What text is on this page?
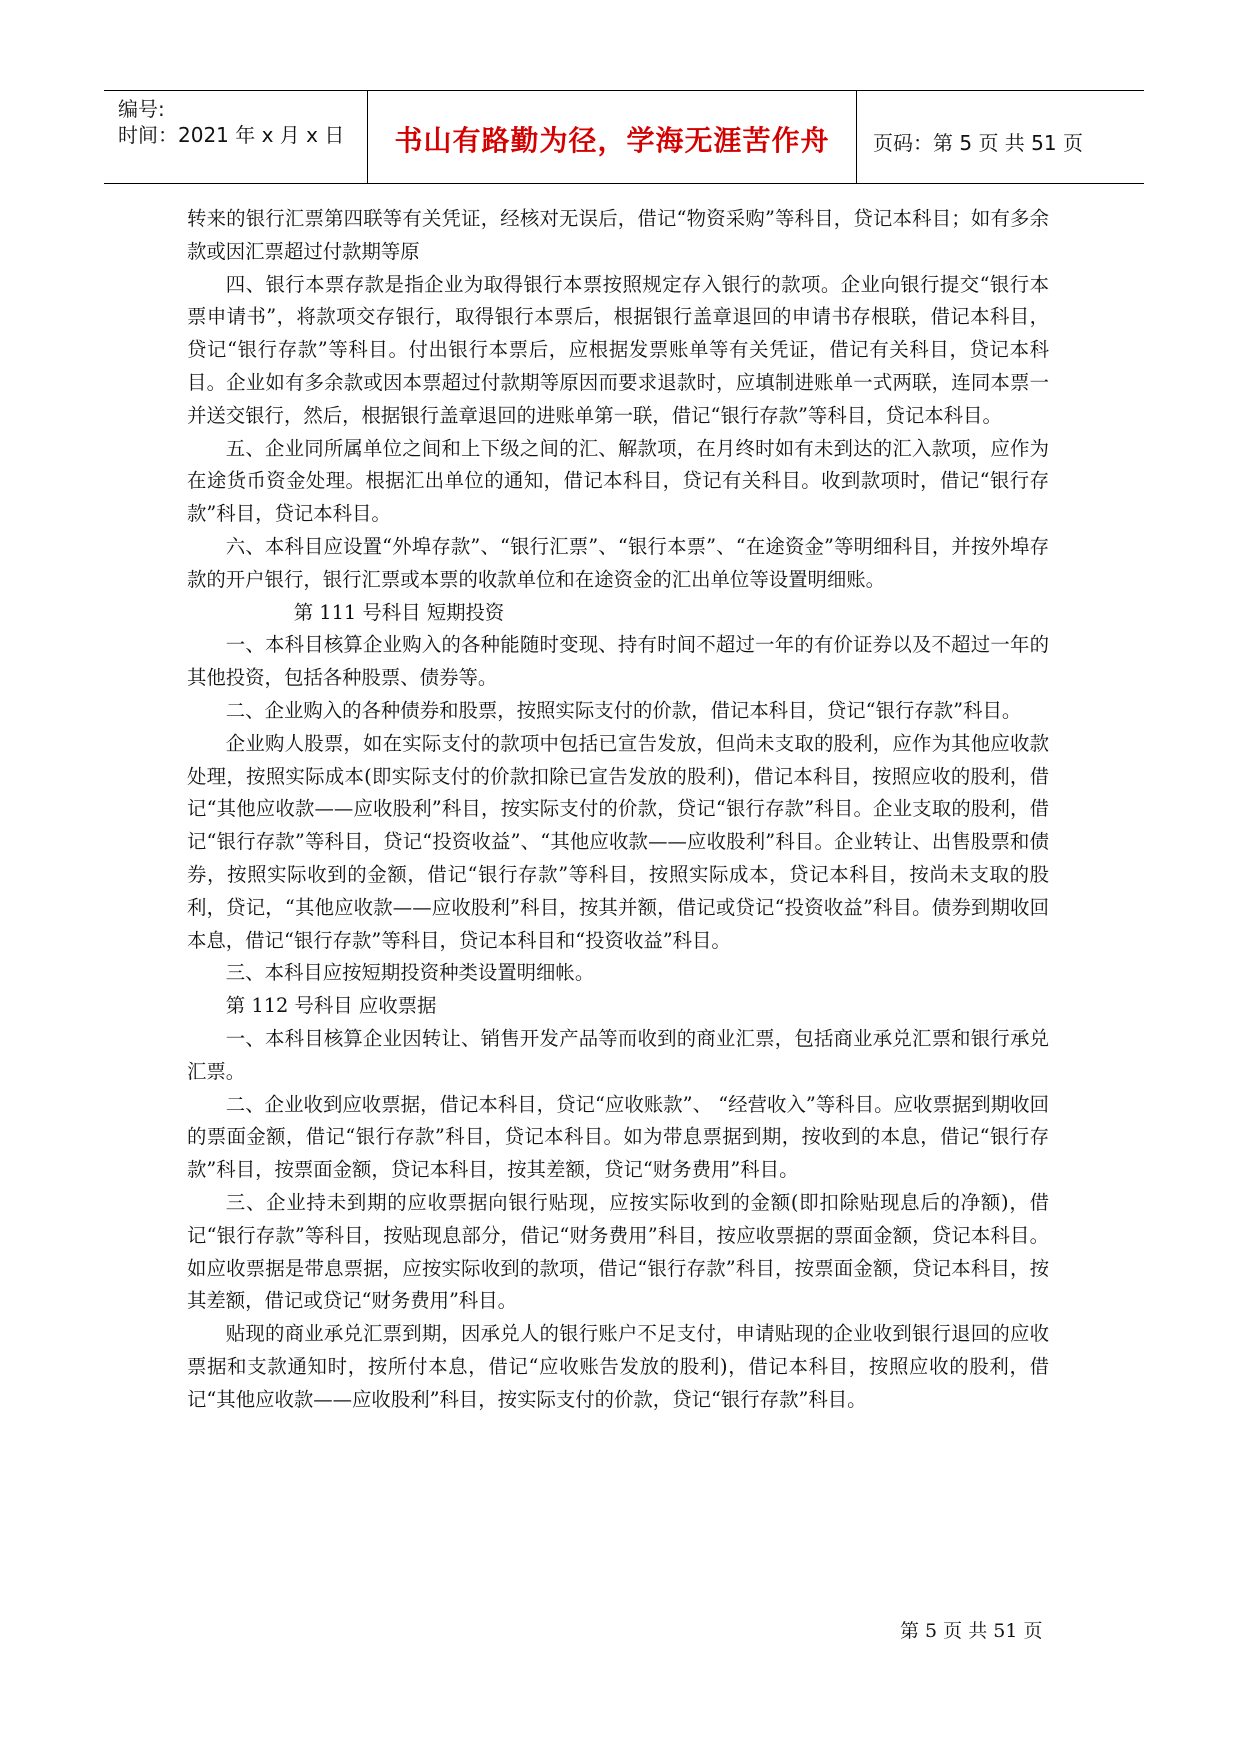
编号:
时间：2021 年 x 月 x 日	书山有路勤为径，学海无涯苦作舟	页码：第 5 页 共 51 页

转来的银行汇票第四联等有关凭证，经核对无误后，借记“物资采购”等科目，贷记本科目；如有多余款或因汇票超过付款期等原

四、银行本票存款是指企业为取得银行本票按照规定存入银行的款项。企业向银行提交“银行本票申请书”，将款项交存银行，取得银行本票后，根据银行盖章退回的申请书存根联，借记本科目，贷记“银行存款”等科目。付出银行本票后，应根据发票账单等有关凭证，借记有关科目，贷记本科目。企业如有多余款或因本票超过付款期等原因而要求退款时，应填制进账单一式两联，连同本票一并送交银行，然后，根据银行盖章退回的进账单第一联，借记“银行存款”等科目，贷记本科目。

五、企业同所属单位之间和上下级之间的汇、解款项，在月终时如有未到达的汇入款项，应作为在途货币资金处理。根据汇出单位的通知，借记本科目，贷记有关科目。收到款项时，借记“银行存款”科目，贷记本科目。

六、本科目应设置“外埠存款”、“银行汇票”、“银行本票”、“在途资金”等明细科目，并按外埠存款的开户银行，银行汇票或本票的收款单位和在途资金的汇出单位等设置明细账。

第 111 号科目 短期投资

一、本科目核算企业购入的各种能随时变现、持有时间不超过一年的有价证券以及不超过一年的其他投资，包括各种股票、债券等。

二、企业购入的各种债券和股票，按照实际支付的价款，借记本科目，贷记“银行存款”科目。

企业购人股票，如在实际支付的款项中包括已宣告发放，但尚未支取的股利，应作为其他应收款处理，按照实际成本(即实际支付的价款扣除已宣告发放的股利)，借记本科目，按照应收的股利，借记“其他应收款——应收股利”科目，按实际支付的价款，贷记“银行存款”科目。企业支取的股利，借记“银行存款”等科目，贷记“投资收益”、“其他应收款——应收股利”科目。企业转让、出售股票和债券，按照实际收到的金额，借记“银行存款”等科目，按照实际成本，贷记本科目，按尚未支取的股利，贷记，“其他应收款——应收股利”科目，按其并额，借记或贷记“投资收益”科目。债券到期收回本息，借记“银行存款”等科目，贷记本科目和“投资收益”科目。

三、本科目应按短期投资种类设置明细帐。

第 112 号科目 应收票据

一、本科目核算企业因转让、销售开发产品等而收到的商业汇票，包括商业承兑汇票和银行承兑汇票。

二、企业收到应收票据，借记本科目，贷记“应收账款”、 “经营收入”等科目。应收票据到期收回的票面金额，借记“银行存款”科目，贷记本科目。如为带息票据到期，按收到的本息，借记“银行存款”科目，按票面金额，贷记本科目，按其差额，贷记“财务费用”科目。

三、企业持未到期的应收票据向银行贴现，应按实际收到的金额(即扣除贴现息后的净额)，借记“银行存款”等科目，按贴现息部分，借记“财务费用”科目，按应收票据的票面金额，贷记本科目。如应收票据是带息票据，应按实际收到的款项，借记“银行存款”科目，按票面金额，贷记本科目，按其差额，借记或贷记“财务费用”科目。

贴现的商业承兑汇票到期，因承兑人的银行账户不足支付，申请贴现的企业收到银行退回的应收票据和支款通知时，按所付本息，借记“应收账告发放的股利)，借记本科目，按照应收的股利，借记“其他应收款——应收股利”科目，按实际支付的价款，贷记“银行存款”科目。

第 5 页 共 51 页
